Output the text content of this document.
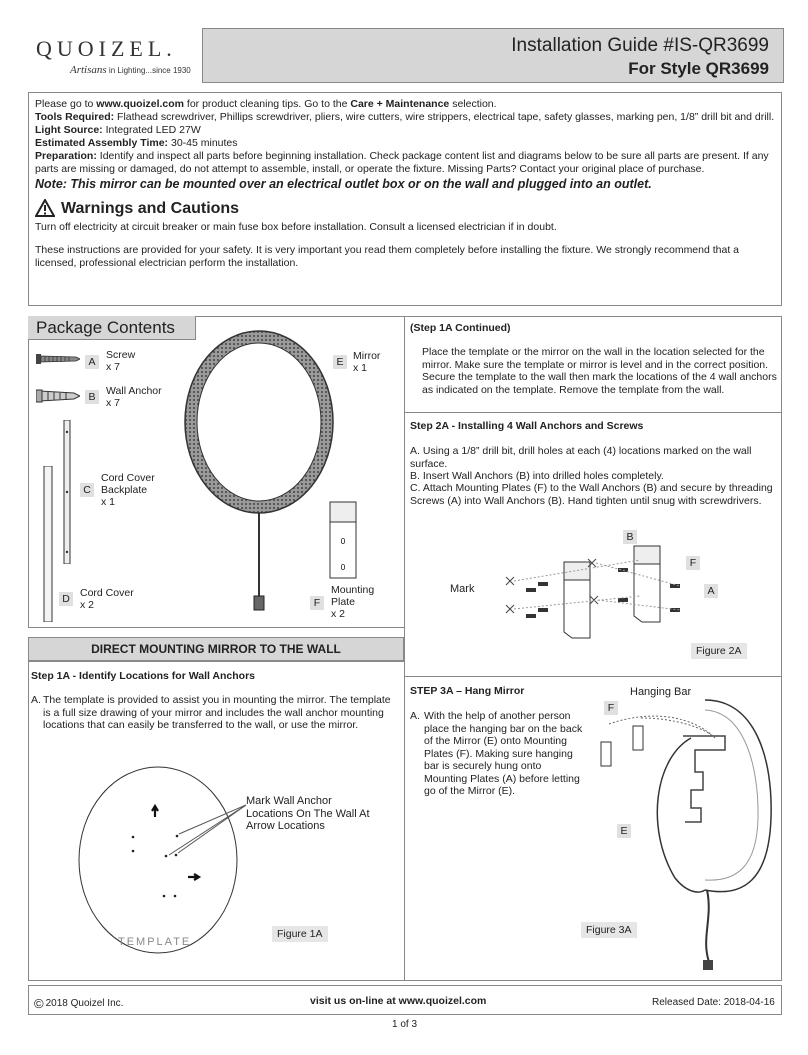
QUOIZEL.
Artisans in Lighting...since 1930
Installation Guide #IS-QR3699
For Style QR3699

Please go to www.quoizel.com for product cleaning tips. Go to the Care + Maintenance selection.

Tools Required: Flathead screwdriver, Phillips screwdriver, pliers, wire cutters, wire strippers, electrical tape, safety glasses, marking pen, 1/8” drill bit and drill.

Light Source: Integrated LED 27W

Estimated Assembly Time: 30-45 minutes

Preparation: Identify and inspect all parts before beginning installation. Check package content list and diagrams below to be sure all parts are present. If any parts are missing or damaged, do not attempt to assemble, install, or operate the fixture. Missing Parts? Contact your original place of purchase.

Note: This mirror can be mounted over an electrical outlet box or on the wall and plugged into an outlet.

Warnings and Cautions

Turn off electricity at circuit breaker or main fuse box before installation. Consult a licensed electrician if in doubt.

These instructions are provided for your safety. It is very important you read them completely before installing the fixture. We strongly recommend that a licensed, professional electrician perform the installation.

Package Contents
A
Screw
x 7
B	Wall Anchor
x 7
C
Cord Cover Backplate
x 1
D Cord Cover
x 2
E Mirror
x 1
0
0
F
Mounting Plate
x 2
DIRECT MOUNTING MIRROR TO THE WALL
Step 1A - Identify Locations for Wall Anchors
A. The template is provided to assist you in mounting the mirror. The template is a full size drawing of your mirror and includes the wall anchor mounting locations that can easily be transferred to the wall, or use the mirror.
TEMPLATE
Mark Wall Anchor Locations On The Wall At Arrow Locations
Figure 1A
(Step 1A Continued)
Place the template or the mirror on the wall in the location selected for the mirror. Make sure the template or mirror is level and in the correct position. Secure the template to the wall then mark the locations of the 4 wall anchors as indicated on the template. Remove the template from the wall.
Step 2A - Installing 4 Wall Anchors and Screws
A. Using a 1/8” drill bit, drill holes at each (4) locations marked on the wall surface.
B. Insert Wall Anchors (B) into drilled holes completely.
C. Attach Mounting Plates (F) to the Wall Anchors (B) and secure by threading Screws (A) into Wall Anchors (B). Hand tighten until snug with screwdrivers.
Mark
B
F
A
Figure 2A
STEP 3A – Hang Mirror
A. With the help of another person place the hanging bar on the back of the Mirror (E) onto Mounting Plates (F). Making sure hanging bar is securely hung onto Mounting Plates (A) before letting go of the Mirror (E).
Hanging Bar
F
E
Figure 3A
© 2018 Quoizel Inc.	visit us on-line at www.quoizel.com	Released Date: 2018-04-16
1 of 3
